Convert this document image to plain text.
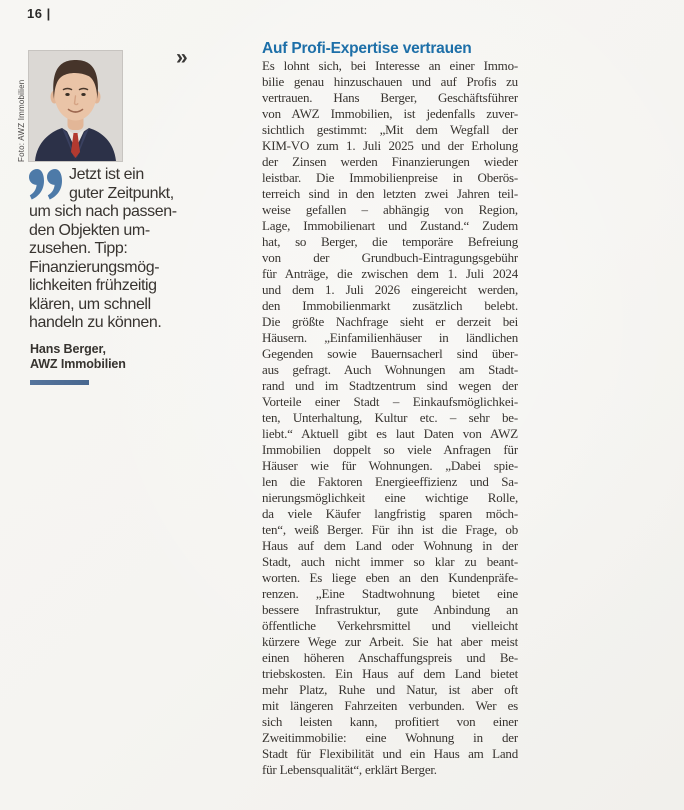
16 |
Foto: AWZ Immobilien
»
Jetzt ist ein
guter Zeitpunkt,
um sich nach passen-
den Objekten um-
zusehen. Tipp:
Finanzierungsmög-
lichkeiten frühzeitig
klären, um schnell
handeln zu können.
Hans Berger,
AWZ Immobilien
Auf Profi-Expertise vertrauen
Es lohnt sich, bei Interesse an einer Immo-
bilie genau hinzuschauen und auf Profis zu
vertrauen. Hans Berger, Geschäftsführer
von AWZ Immobilien, ist jedenfalls zuver-
sichtlich gestimmt: „Mit dem Wegfall der
KIM-VO zum 1. Juli 2025 und der Erholung
der Zinsen werden Finanzierungen wieder
leistbar. Die Immobilienpreise in Oberös-
terreich sind in den letzten zwei Jahren teil-
weise gefallen – abhängig von Region,
Lage, Immobilienart und Zustand.“ Zudem
hat, so Berger, die temporäre Befreiung
von der Grundbuch-Eintragungsgebühr
für Anträge, die zwischen dem 1. Juli 2024
und dem 1. Juli 2026 eingereicht werden,
den Immobilienmarkt zusätzlich belebt.
Die größte Nachfrage sieht er derzeit bei
Häusern. „Einfamilienhäuser in ländlichen
Gegenden sowie Bauernsacherl sind über-
aus gefragt. Auch Wohnungen am Stadt-
rand und im Stadtzentrum sind wegen der
Vorteile einer Stadt – Einkaufsmöglichkei-
ten, Unterhaltung, Kultur etc. – sehr be-
liebt.“ Aktuell gibt es laut Daten von AWZ
Immobilien doppelt so viele Anfragen für
Häuser wie für Wohnungen. „Dabei spie-
len die Faktoren Energieeffizienz und Sa-
nierungsmöglichkeit eine wichtige Rolle,
da viele Käufer langfristig sparen möch-
ten“, weiß Berger. Für ihn ist die Frage, ob
Haus auf dem Land oder Wohnung in der
Stadt, auch nicht immer so klar zu beant-
worten. Es liege eben an den Kundenpräfe-
renzen. „Eine Stadtwohnung bietet eine
bessere Infrastruktur, gute Anbindung an
öffentliche Verkehrsmittel und vielleicht
kürzere Wege zur Arbeit. Sie hat aber meist
einen höheren Anschaffungspreis und Be-
triebskosten. Ein Haus auf dem Land bietet
mehr Platz, Ruhe und Natur, ist aber oft
mit längeren Fahrzeiten verbunden. Wer es
sich leisten kann, profitiert von einer
Zweitimmobilie: eine Wohnung in der
Stadt für Flexibilität und ein Haus am Land
für Lebensqualität“, erklärt Berger.
